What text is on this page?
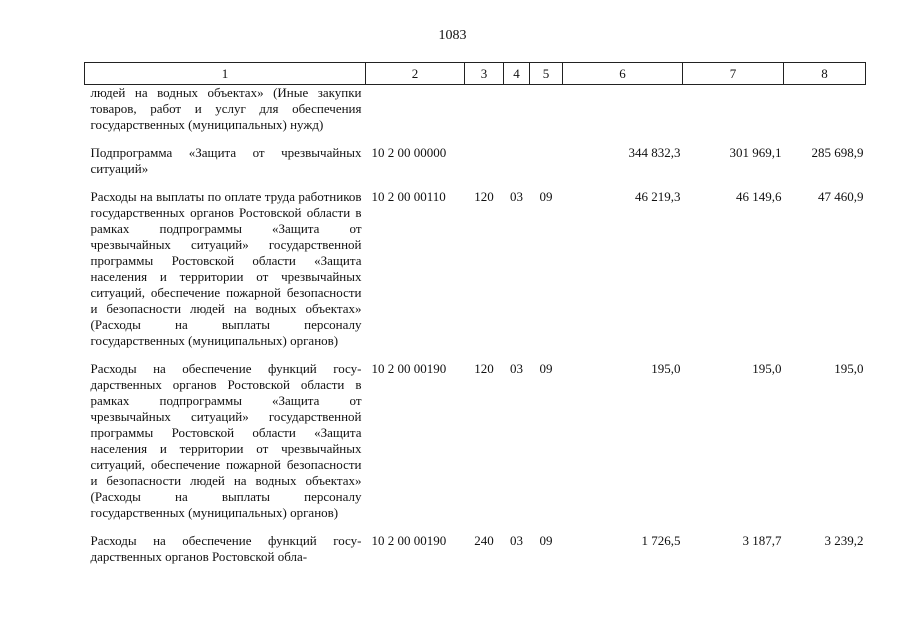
1083
1	2	3	4	5	6	7	8
людей на водных объектах» (Иные закупки товаров, работ и услуг для обеспечения государственных (муниципальных) нужд)							

Подпрограмма «Защита от чрезвычайных ситуаций»	10 2 00 00000				344 832,3	301 969,1	285 698,9

Расходы на выплаты по оплате труда работников государственных органов Ростовской области в рамках подпрограммы «Защита от чрезвычайных ситуаций» государственной программы Ростовской области «Защита населения и территории от чрезвычайных ситуаций, обеспечение пожарной безопасности и безопасности людей на водных объектах» (Расходы на выплаты персоналу государственных (муниципальных) органов)	10 2 00 00110	120	03	09	46 219,3	46 149,6	47 460,9

Расходы на обеспечение функций государственных органов Ростовской области в рамках подпрограммы «Защита от чрезвычайных ситуаций» государственной программы Ростовской области «Защита населения и территории от чрезвычайных ситуаций, обеспечение пожарной безопасности и безопасности людей на водных объектах» (Расходы на выплаты персоналу государственных (муниципальных) органов)	10 2 00 00190	120	03	09	195,0	195,0	195,0

Расходы на обеспечение функций государственных органов Ростовской обла-	10 2 00 00190	240	03	09	1 726,5	3 187,7	3 239,2
